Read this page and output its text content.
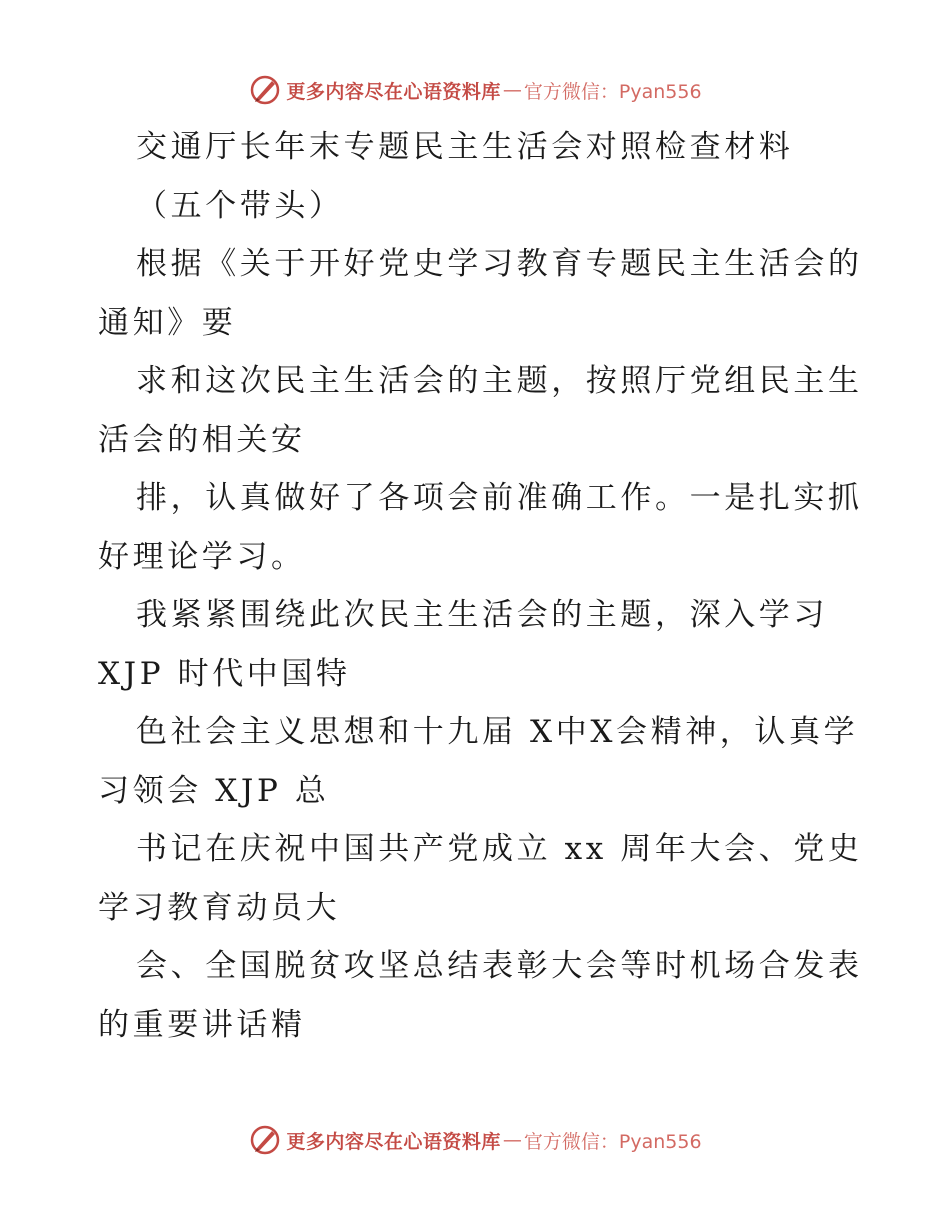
更多内容尽在心语资料库 — 官方微信：Pyan556
交通厅长年末专题民主生活会对照检查材料
（五个带头）
根据《关于开好党史学习教育专题民主生活会的
通知》要
求和这次民主生活会的主题，按照厅党组民主生
活会的相关安
排，认真做好了各项会前准确工作。一是扎实抓
好理论学习。
我紧紧围绕此次民主生活会的主题，深入学习
XJP 时代中国特
色社会主义思想和十九届 X中X会精神，认真学
习领会 XJP 总
书记在庆祝中国共产党成立 xx 周年大会、党史
学习教育动员大
会、全国脱贫攻坚总结表彰大会等时机场合发表
的重要讲话精
更多内容尽在心语资料库 — 官方微信：Pyan556
